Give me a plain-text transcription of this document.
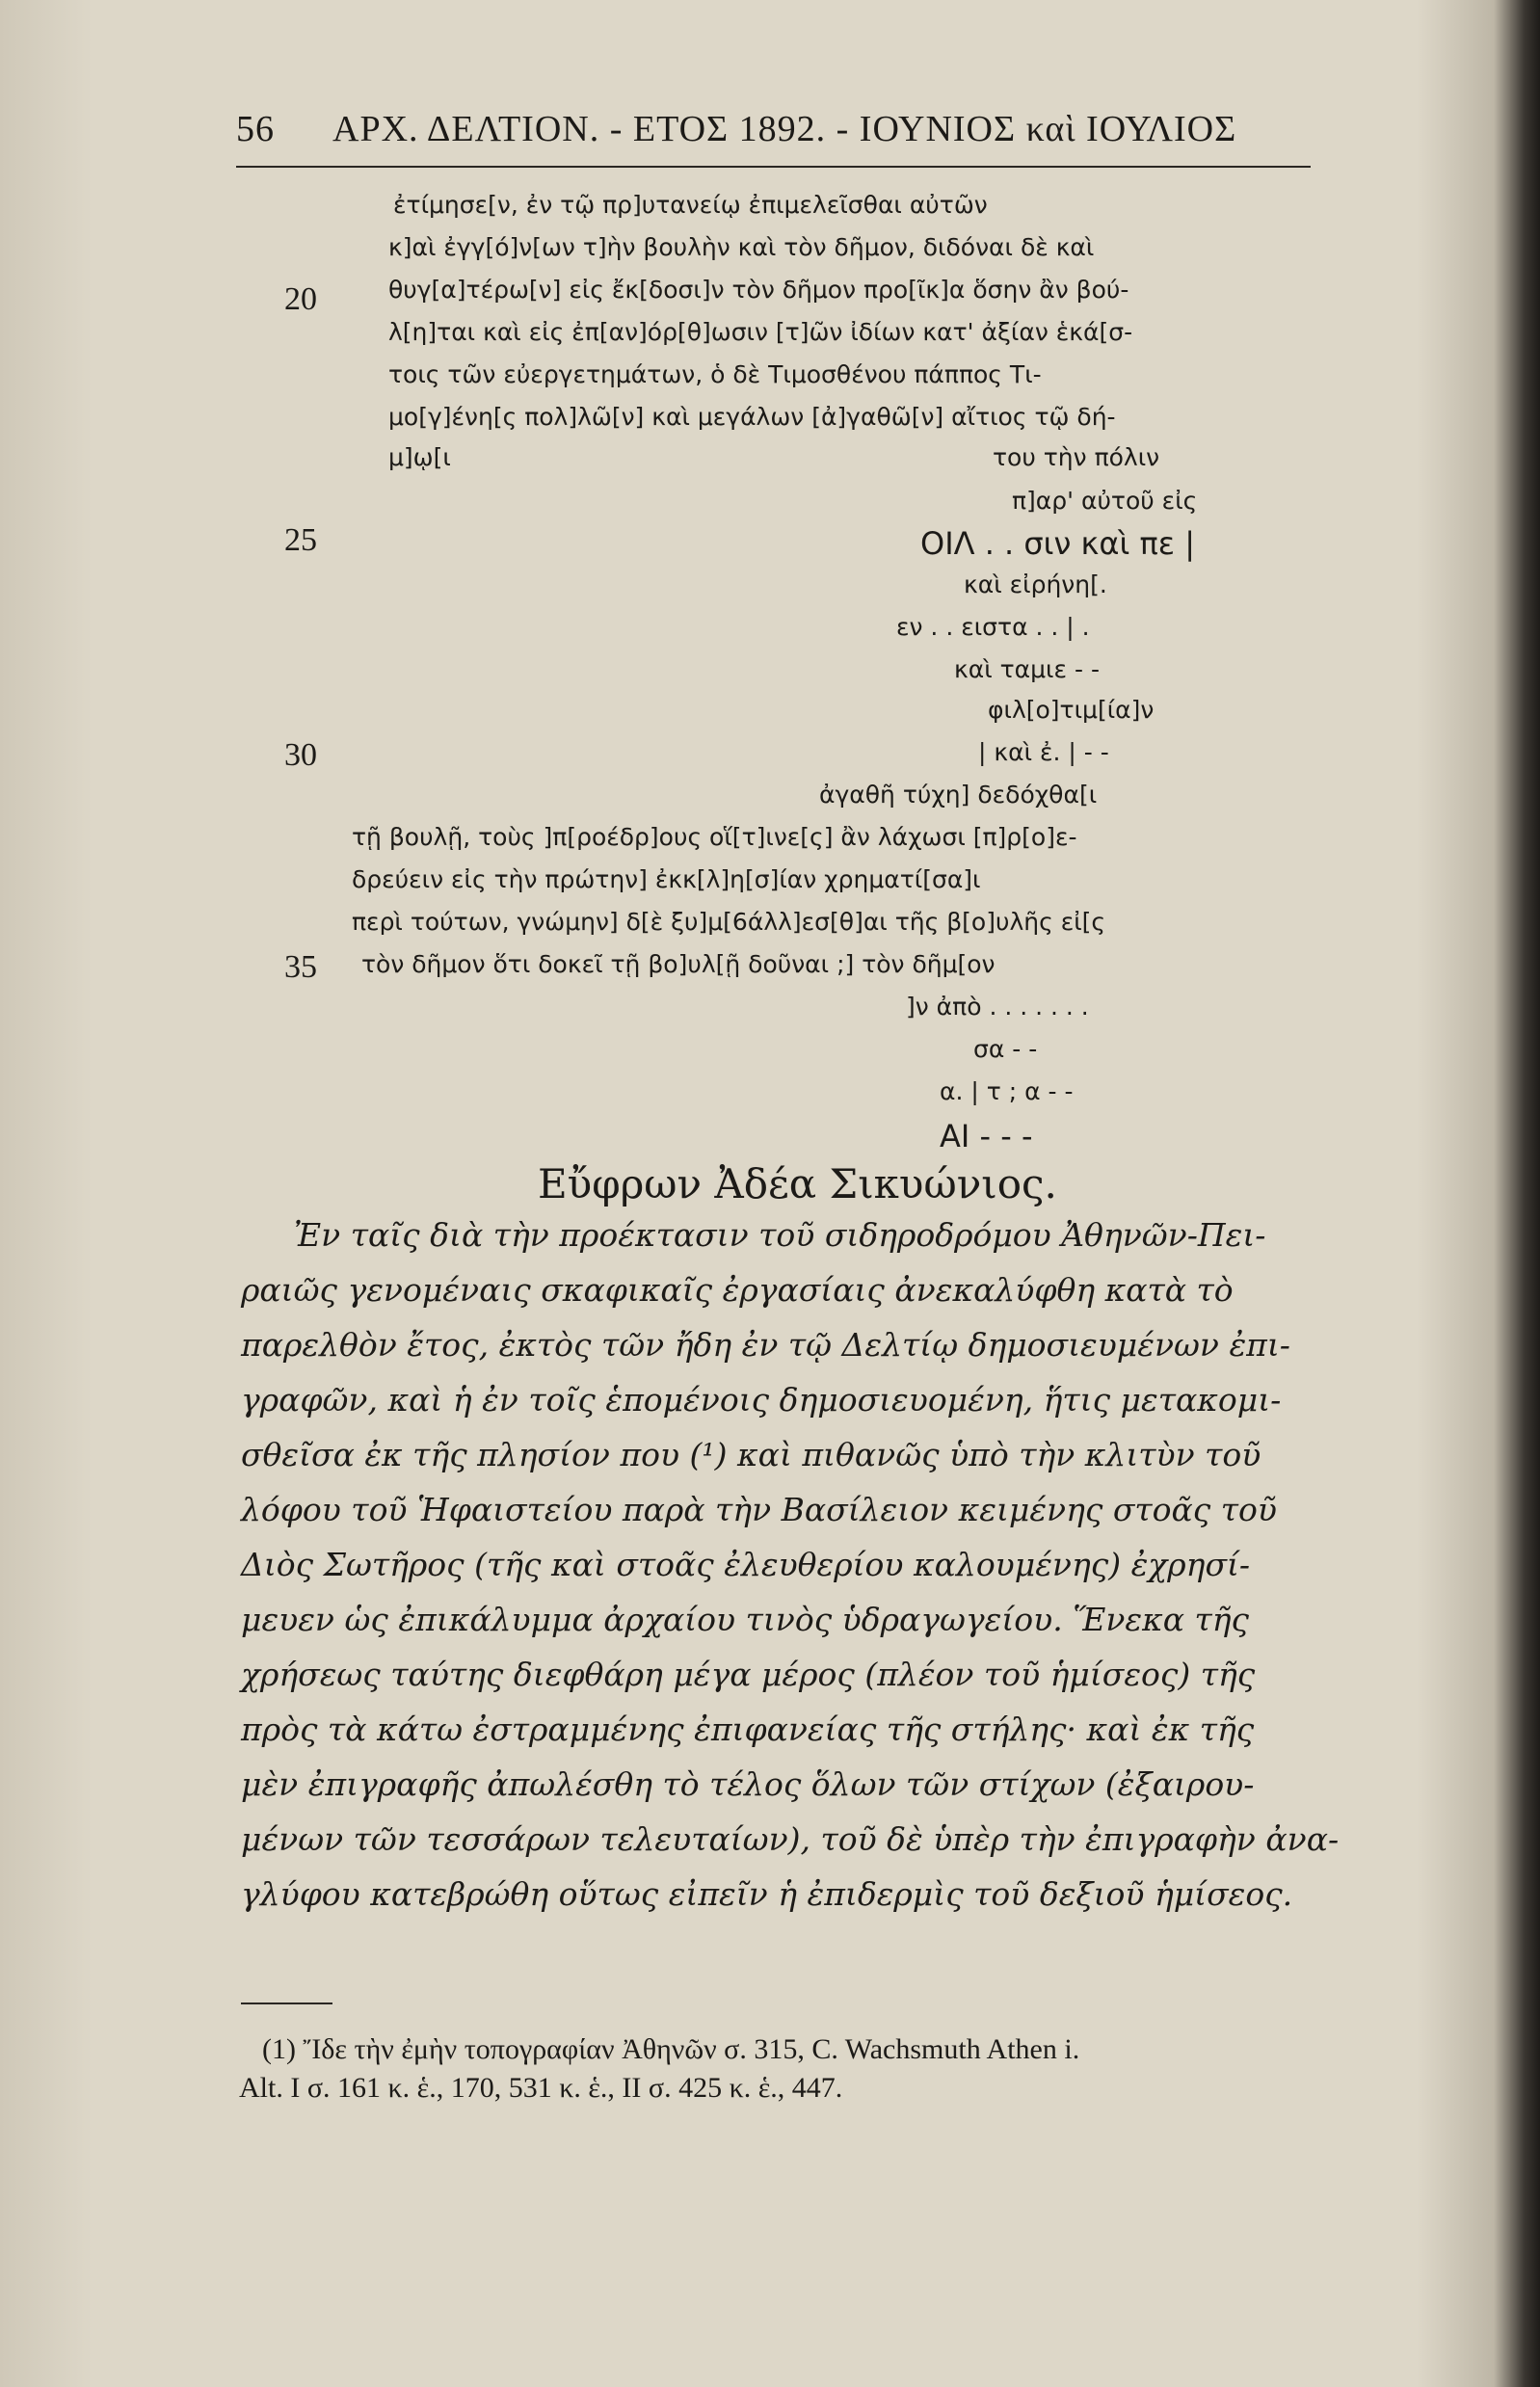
56 ΑΡΧ. ΔΕΛΤΙΟΝ. - ΕΤΟΣ 1892. - ΙΟΥΝΙΟΣ καὶ ΙΟΥΛΙΟΣ
20
25
30
35
ἐτίμησε[ν, ἐν τῷ πρ]υτανείῳ ἐπιμελεῖσθαι αὐτῶν
κ]αὶ ἐγγ[ό]ν[ων τ]ὴν βουλὴν καὶ τὸν δῆμον, διδόναι δὲ καὶ
θυγ[α]τέρω[ν] εἰς ἔκ[δοσι]ν τὸν δῆμον προ[ῖκ]α ὅσην ἂν βού-
λ[η]ται καὶ εἰς ἐπ[αν]όρ[θ]ωσιν [τ]ῶν ἰδίων κατ' ἀξίαν ἑκά[σ-
τοις τῶν εὐεργετημάτων, ὁ δὲ Τιμοσθένου πάππος Τι-
μο[γ]ένη[ς πολ]λῶ[ν] καὶ μεγάλων [ἀ]γαθῶ[ν] αἴτιος τῷ δή-
μ]ῳ[ι	του τὴν πόλιν
π]αρ' αὐτοῦ εἰς
ΟΙΛ . . σιν καὶ πε |
καὶ εἰρήνη[.
εν . . ειστα . . | .
καὶ ταμιε - -
φιλ[ο]τιμ[ία]ν
| καὶ ἐ. | - -
ἀγαθῆ τύχη] δεδόχθα[ι
τῇ βουλῇ, τοὺς ]π[ροέδρ]ους οἵ[τ]ινε[ς] ἂν λάχωσι [π]ρ[ο]ε-
δρεύειν εἰς τὴν πρώτην] ἐκκ[λ]η[σ]ίαν χρηματί[σα]ι
περὶ τούτων, γνώμην] δ[ὲ ξυ]μ[6άλλ]εσ[θ]αι τῆς β[ο]υλῆς εἰ[ς
τὸν δῆμον ὅτι δοκεῖ τῇ βο]υλ[ῇ δοῦναι ;] τὸν δῆμ[ον
]ν ἀπὸ . . . . . . .
σα - -
α. | τ ; α - -
ΑΙ - - -
Εὔφρων Ἀδέα Σικυώνιος.
Ἐν ταῖς διὰ τὴν προέκτασιν τοῦ σιδηροδρόμου Ἀθηνῶν-Πει-
ραιῶς γενομέναις σκαφικαῖς ἐργασίαις ἀνεκαλύφθη κατὰ τὸ
παρελθὸν ἔτος, ἐκτὸς τῶν ἤδη ἐν τῷ Δελτίῳ δημοσιευμένων ἐπι-
γραφῶν, καὶ ἡ ἐν τοῖς ἑπομένοις δημοσιευομένη, ἥτις μετακομι-
σθεῖσα ἐκ τῆς πλησίον που (¹) καὶ πιθανῶς ὑπὸ τὴν κλιτὺν τοῦ
λόφου τοῦ Ἡφαιστείου παρὰ τὴν Βασίλειον κειμένης στοᾶς τοῦ
Διὸς Σωτῆρος (τῆς καὶ στοᾶς ἐλευθερίου καλουμένης) ἐχρησί-
μευεν ὡς ἐπικάλυμμα ἀρχαίου τινὸς ὑδραγωγείου. Ἕνεκα τῆς
χρήσεως ταύτης διεφθάρη μέγα μέρος (πλέον τοῦ ἡμίσεος) τῆς
πρὸς τὰ κάτω ἐστραμμένης ἐπιφανείας τῆς στήλης· καὶ ἐκ τῆς
μὲν ἐπιγραφῆς ἀπωλέσθη τὸ τέλος ὅλων τῶν στίχων (ἐξαιρου-
μένων τῶν τεσσάρων τελευταίων), τοῦ δὲ ὑπὲρ τὴν ἐπιγραφὴν ἀνα-
γλύφου κατεβρώθη οὕτως εἰπεῖν ἡ ἐπιδερμὶς τοῦ δεξιοῦ ἡμίσεος.
(1) Ἴδε τὴν ἐμὴν τοπογραφίαν Ἀθηνῶν σ. 315, C. Wachsmuth Athen i.
Alt. I σ. 161 κ. ἑ., 170, 531 κ. ἑ., II σ. 425 κ. ἑ., 447.
